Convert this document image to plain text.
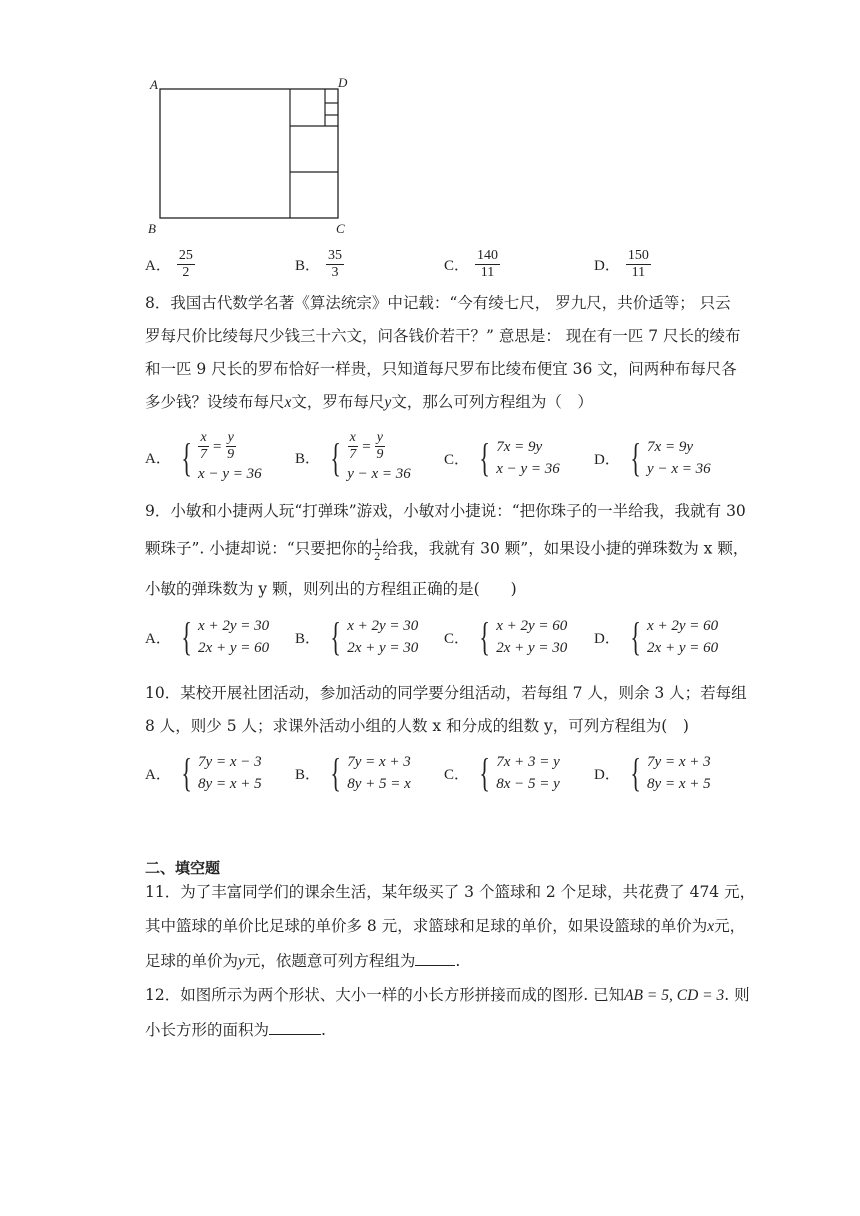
A	D
B	C
A． $\frac{25}{2}$	B． $\frac{35}{3}$	C． $\frac{140}{11}$	D． $\frac{150}{11}$
8．我国古代数学名著《算法统宗》中记载：“今有绫七尺， 罗九尺，共价适等； 只云
罗每尺价比绫每尺少钱三十六文，问各钱价若干？” 意思是： 现在有一匹 7 尺长的绫布
和一匹 9 尺长的罗布恰好一样贵，只知道每尺罗布比绫布便宜 36 文，问两种布每尺各
多少钱？设绫布每尺x文，罗布每尺y文，那么可列方程组为（　）
A． { $\frac{x}{7} = \frac{y}{9}$
x − y = 36
B． { $\frac{x}{7} = \frac{y}{9}$
y − x = 36
C． { 7x = 9y
x − y = 36
D． { 7x = 9y
y − x = 36
9．小敏和小捷两人玩“打弹珠”游戏，小敏对小捷说：“把你珠子的一半给我，我就有 30
颗珠子”. 小捷却说：“只要把你的 $\frac{1}{2}$ 给我，我就有 30 颗”，如果设小捷的弹珠数为 x 颗，
小敏的弹珠数为 y 颗，则列出的方程组正确的是(　　)
A． { x + 2y = 30
2x + y = 60
B． { x + 2y = 30
2x + y = 30
C． { x + 2y = 60
2x + y = 30
D． { x + 2y = 60
2x + y = 60
10．某校开展社团活动，参加活动的同学要分组活动，若每组 7 人，则余 3 人；若每组
8 人，则少 5 人；求课外活动小组的人数 x 和分成的组数 y，可列方程组为(　)
A． { 7y = x − 3
8y = x + 5
B． { 7y = x + 3
8y + 5 = x
C． { 7x + 3 = y
8x − 5 = y
D． { 7y = x + 3
8y = x + 5
二、填空题
11．为了丰富同学们的课余生活，某年级买了 3 个篮球和 2 个足球，共花费了 474 元，
其中篮球的单价比足球的单价多 8 元，求篮球和足球的单价，如果设篮球的单价为x元，
足球的单价为y元，依题意可列方程组为	.
12．如图所示为两个形状、大小一样的小长方形拼接而成的图形. 已知AB = 5, CD = 3. 则
小长方形的面积为	.
